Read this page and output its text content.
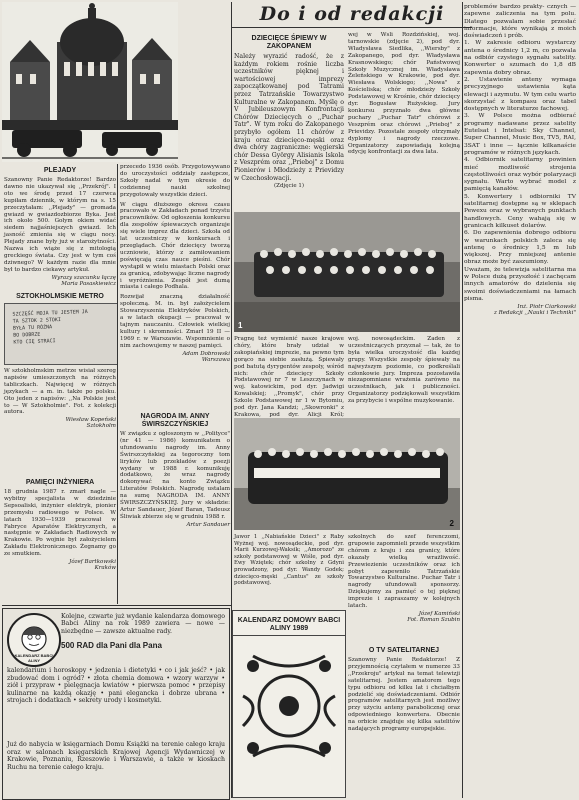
PLEJADY
Szanowny Panie Redaktorze! Bardzo dawno nie ukazywał się ,,Przekrój". I oto we środę przed 17 czerwca kupiłam dziennik, w którym na s. 15 przeczytałam: ,,Plejady" — gromada gwiazd w gwiazdozbiorze Byka. Jest ich około 500. Gołym okiem widać siedem najjaśniejszych gwiazd. Ich jasność zmienia się w ciągu nocy. Plejady znane były już w starożytności. Nazwa ich wiąże się z mitologią greckiego świata. Czy jest w tym coś dziwnego? W każdym razie dla mnie był to bardzo ciekawy artykuł.
Wyrazy szacunku łączę
Maria Pasaskiewicz
SZTOKHOLMSKIE METRO
SZCZĘŚĆ MOJA TU JESTEM JA
TA SZTOK 2 STOKI
BYŁA TU RÓŻNA
BO DOBRZE
KTO CIĘ STRACI
W sztokholmskim metrze wisiał szereg napisów umieszczonych na różnych tabliczkach. Najwięcej w różnych językach — a m. in. także po polsku. Oto jeden z napisów: ,,Na Polskie jest to — W Sztokholmie". Fot. z kolekcji autora.
Wiesław Kopeński
Sztokholm
PAMIĘCI INŻYNIERA
18 grudnia 1987 r. zmarł nagle — wybitny specjalista w dziedzinie Sepsoaliski, inżynier elektryk, pionier przemysłu radiowego w Polsce. W latach 1930—1939 pracował w Fabryce Aparatów Elektrycznych, a następnie w Zakładach Radiowych w Krakowie. Po wojnie był założycielem Zakładu Elektronicznego. Żegnamy go ze smutkiem.
Józef Bartkowski
Kraków
przecedo 1936 osób. Przygotowywano do uroczystości oddziały zastępcze, Szkoły nadal w tym okresie do codziennej nauki szkolnej przygotowały wszystkie dzieci.
W ciągu dłuższego okresu czasu pracowało w Zakładach ponad trzystu pracowników. Od ogłoszenia konkursu dla zespołów śpiewaczych organizuje się wiele imprez dla dzieci. Szkoła od lat uczestniczy w konkursach i przeglądach. Chór dziecięcy tworzą uczniowie, którzy z zamiłowaniem poświęcają czas nauce pieśni. Chór wystąpił w wielu miastach Polski oraz za granicą, zdobywając liczne nagrody i wyróżnienia. Zespół jest dumą miasta i całego Podhala.
Rozwijał znaczną działalność społeczną. M. in. był założycielem Stowarzyszenia Elektryków Polskich, a w latach okupacji — pracował w tajnym nauczaniu. Człowiek wielkiej kultury i skromności. Zmarł 19 II — 1969 r. w Warszawie. Wspomnienie o nim zachowujemy w naszej pamięci.
Adam Dobrowski
Warszawa
NAGRODA IM. ANNY ŚWIRSZCZYŃSKIEJ
W związku z ogłoszonym w ,,Polityce" (nr 41 — 1986) komunikatem o ufundowaniu nagrody im. Anny Świrszczyńskiej za tegoroczny tom liryków lub przekładów z poezji wydany w 1988 r. komunikuję dodatkowo, że wraz nagrody dokonywać na konto Związku Literatów Polskich. Nagrodę ustalam na sumę NAGRODA IM. ANNY ŚWIRSZCZYŃSKIEJ. Jury w składzie: Artur Sandauer, Józef Baran, Tadeusz Śliwiak zbierze się w grudniu 1988 r.
Artur Sandauer
Do i od redakcji
DZIECIĘCE ŚPIEWY W ZAKOPANEM
Należy wyrazić radość, że z każdym rokiem rośnie liczba uczestników pięknej i wartościowej imprezy zapoczątkowanej pod Tatrami przez Tatrzańskie Towarzystwo Kulturalne w Zakopanem. Myślę o V Jubileuszowym Konfrontacji Chórów Dziecięcych o ,,Puchar Tatr". W tym roku do Zakopanego przybyło ogółem 11 chórów z kraju oraz dziecięco-męski oraz dwa chóry zagraniczne: węgierski chór Dessa György Alisianis lskola z Veszprém oraz ,,Prieboj" z Domu Pionierów i Młodzieży z Prievidzy w Czechosłowacji.
(Zdjęcie 1)
wej w Wsli Rozdzińskiej, woj. tarnowskie (zdjęcie 2), pod dyr. Władysława Siedlika, ,,Wiersby" z Zakopanego, pod dyr. Władysława Krasnowskiego; chór Państwowej Szkoły Muzycznej im. Władysława Żeleńskiego w Krakowie, pod dyr. Wiesława Wolskiego; ,,Nowa" z Kościeliska; chór młodzieży Szkoły Podstawowej w Krośnie, chór dziecięcy dyr. Bogusław Rużyskieg. Jury konkursu przyznało dwa główne puchary ,,Puchar Tatr" chórowi z Veszprém oraz chórowi ,,Prieboj" z Prievidzy. Pozostałe zespoły otrzymały dyplomy i nagrody rzeczowe. Organizatorzy zapowiadają kolejną edycję konfrontacji za dwa lata.
1
Pragnę też wymienić nasze krajowe chóry, które brały udział w zakopiańskiej imprezie, na pewno tym gorąco na siebie zasłużą. Śpiewały pod batutą dyrygentów zespoły, wśród nich: chór dziecięcy Szkoły Podstawowej nr 7 w Leszczynach w woj. katowickim, pod dyr. Jadwigi Kowalskiej; ,,Promyk", chór przy Szkole Podstawowej nr 1 w Bytomiu, pod dyr. Jana Kandzi; ,,Skowronki" z Krakowa, pod dyr. Alicji Król;
woj. nowosądeckim. Zaden z uczestniczących przyznał — tak, że to była wielka uroczystość dla każdej grupy. Wszystkie zespoły śpiewały na najwyższym poziomie, co podkreślali członkowie jury. Impreza pozostawiła niezapomniane wrażenia zarówno na uczestnikach, jak i publiczności. Organizatorzy podziękowali wszystkim za przybycie i wspólne muzykowanie.
2
Jawor 1 ,,Nabiańskie Dzieci" z Raby Wyżnej woj. nowosądeckie, pod dyr. Marii Kurzowej-Waksik; ,,Amorozo" ze szkoły podstawowej w Wiśle, pod dyr. Ewy Wziętek; chór szkolny z Gdyni prowadzony, pod dyr. Wandy Godek; dziecięco-męski ,,Cantus" ze szkoły podstawowej.
szkolnych do szef ferenczomi, grupowie zapomnieli przede wszystkim chórom z kraju i zza granicy, które okazały wielką wrażliwość. Przewiezienie uczestników oraz ich pobyt zapewniło Tatrzańskie Towarzystwo Kulturalne. Puchar Tatr i nagrody ufundowali sponsorzy. Dziękujemy za pamięć o tej pięknej imprezie i zapraszamy w kolejnych latach.
Józef Kamiński
Fot. Roman Szubin
KALENDARZ BABCI ALINY
Kolejne, czwarte już wydanie kalendarza domowego Babci Aliny na rok 1989 zawiera — nowe — niezbędne — zawsze aktualne rady.
500 RAD dla Pani dla Pana
kalendarium i horoskopy • jedzenia i dietetyki • co i jak jeść? • jak zbudować dom i ogród? • złota chemia domowa • wzory warzyw • ziół i przypraw • pielęgnacja kwiatów • pierwsza pomoc • przepisy kulinarne na każdą okazję • pani elegancka i dobrze ubrana • strojach i dodatkach • sekrety urody i kosmetyki.
Już do nabycia w księgarniach Domu Książki na terenie całego kraju oraz w salonach księgarskich Krajowej Agencji Wydawniczej w Krakowie, Poznaniu, Rzeszowie i Warszawie, a także w kioskach Ruchu na terenie całego kraju.
KALENDARZ DOMOWY BABCI ALINY 1989
O TV SATELITARNEJ
Szanowny Panie Redaktorze! Z przyjemnością czytałem w numerze 33 ,,Przekroju" artykuł na temat telewizji satelitarnej. Jestem amatorem tego typu odbioru od kilku lat i chciałbym podzielić się doświadczeniami. Odbiór programów satelitarnych jest możliwy przy użyciu anteny parabolicznej oraz odpowiedniego konwertera. Obecnie na orbicie znajduje się kilka satelitów nadających programy europejskie.
problemów bardzo prakty- cznych — zapewne zaliczenia na tym polu. Dlatego pozwalam sobie przesłać informacje, które wynikają z moich doświadczeń i prób.
1. W zakresie odbioru wystarczy antena o średnicy 1,2 m, co pozwala na odbiór czystego sygnału satelity. Konwerter o szumach do 1,8 dB zapewnia dobry obraz.
2. Ustawienie anteny wymaga precyzyjnego ustawienia kąta elewacji i azymutu. W tym celu warto skorzystać z kompasu oraz tabel dostępnych w literaturze fachowej.
3. W Polsce można odbierać programy nadawane przez satelity Eutelsat i Intelsat: Sky Channel, Super Channel, Music Box, TV5, RAI, 3SAT i inne — łącznie kilkanaście programów w różnych językach.
4. Odbiornik satelitarny powinien mieć możliwość strojenia częstotliwości oraz wybór polaryzacji sygnału. Warto wybrać model z pamięcią kanałów.
5. Konwertery i odbiorniki TV satelitarnej dostępne są w sklepach Pewexu oraz w wybranych punktach handlowych. Ceny wahają się w granicach kilkuset dolarów.
6. Do zapewnienia dobrego odbioru w warunkach polskich zaleca się antenę o średnicy 1,5 m lub większej. Przy mniejszej antenie obraz może być zaszumiony.
Uważam, że telewizja satelitarna ma w Polsce dużą przyszłość i zachęcam innych amatorów do dzielenia się swoimi doświadczeniami na łamach pisma.
Inż. Piotr Ciarkowski
z Redakcji ,,Nauki i Techniki"
